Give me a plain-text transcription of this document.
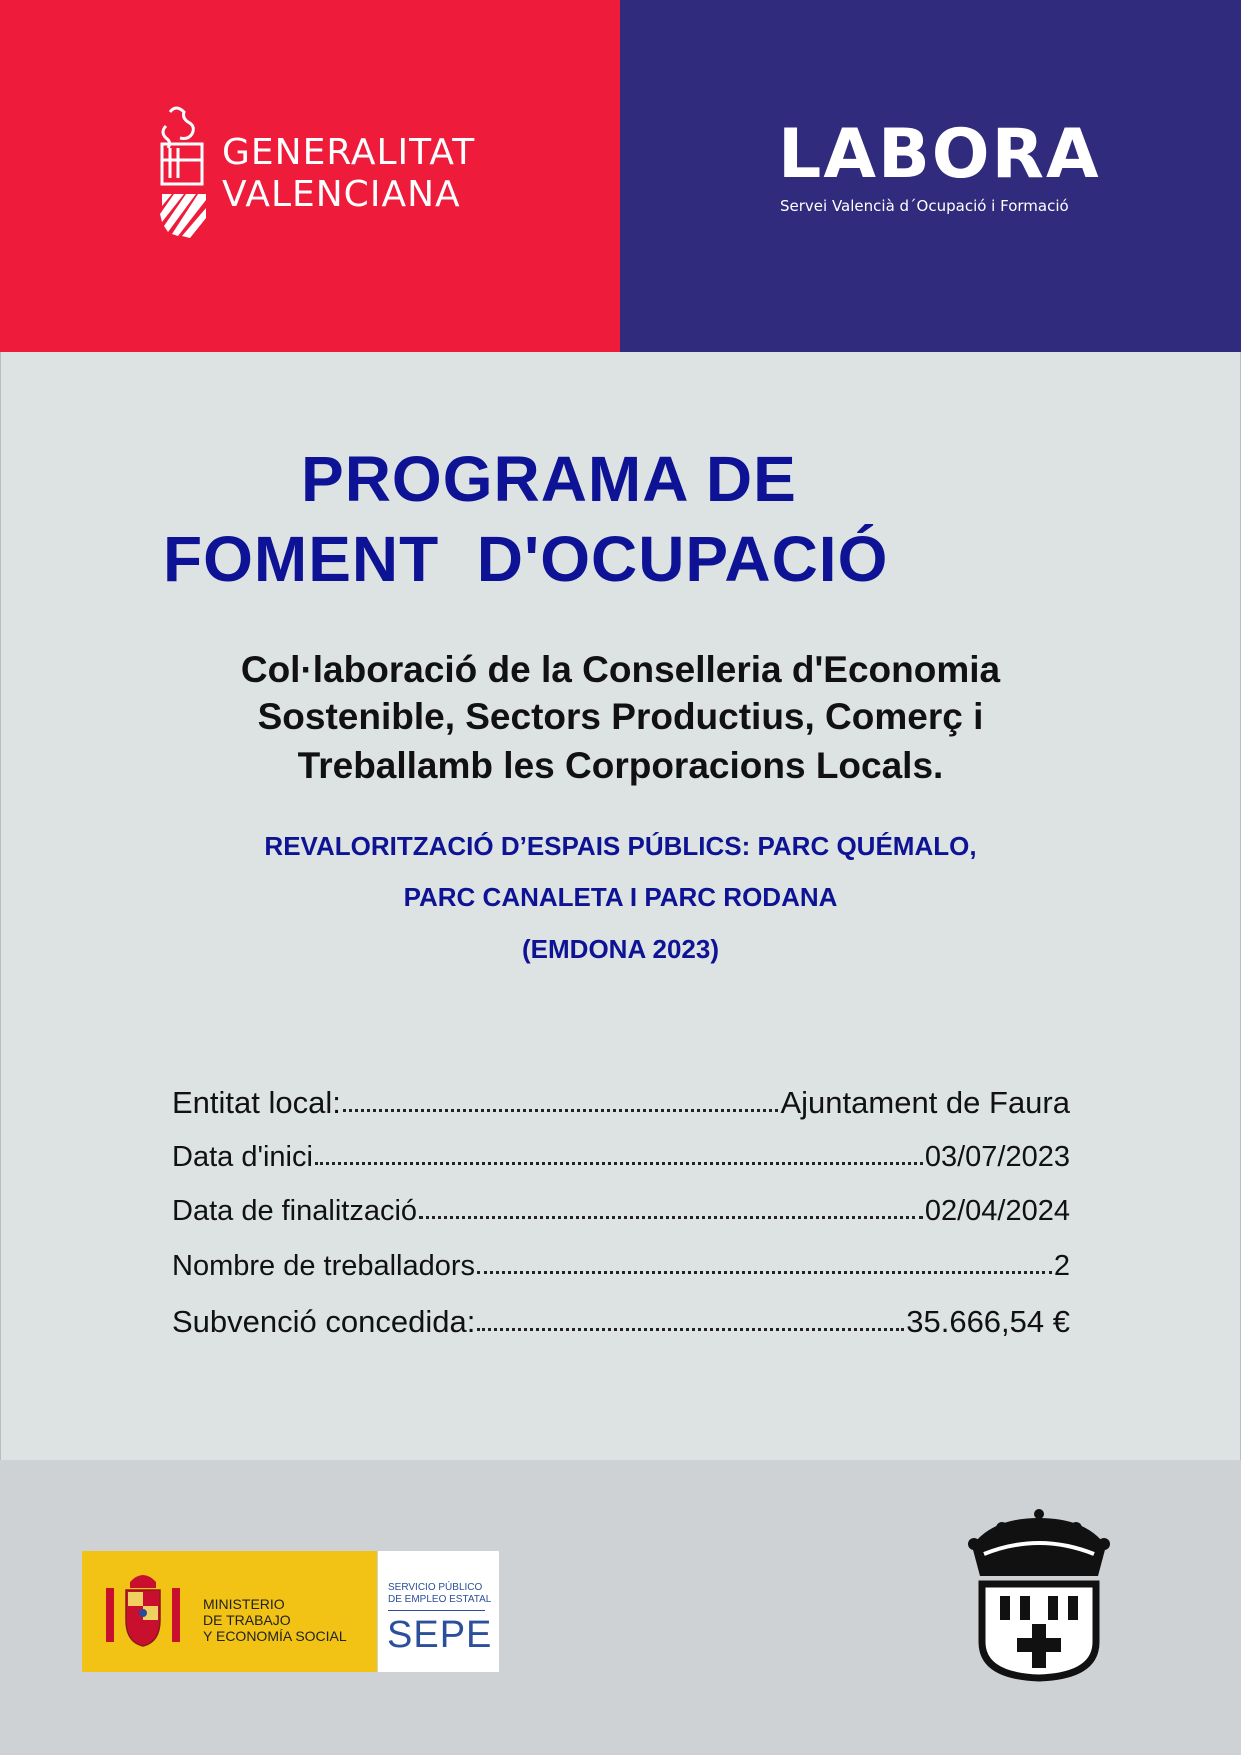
GENERALITAT
VALENCIANA
LABORA
Servei Valencià d´Ocupació i Formació
PROGRAMA DE
FOMENT  D'OCUPACIÓ
Col·laboració de la Conselleria d'Economia
Sostenible, Sectors Productius, Comerç i
Treballamb les Corporacions Locals.
REVALORITZACIÓ D’ESPAIS PÚBLICS: PARC QUÉMALO,
PARC CANALETA I PARC RODANA
(EMDONA 2023)
Entitat local:	Ajuntament de Faura
Data d'inici	03/07/2023
Data de finalització	02/04/2024
Nombre de treballadors	2
Subvenció concedida:	35.666,54 €
MINISTERIO
DE TRABAJO
Y ECONOMÍA SOCIAL
SERVICIO PÚBLICO
DE EMPLEO ESTATAL
SEPE
